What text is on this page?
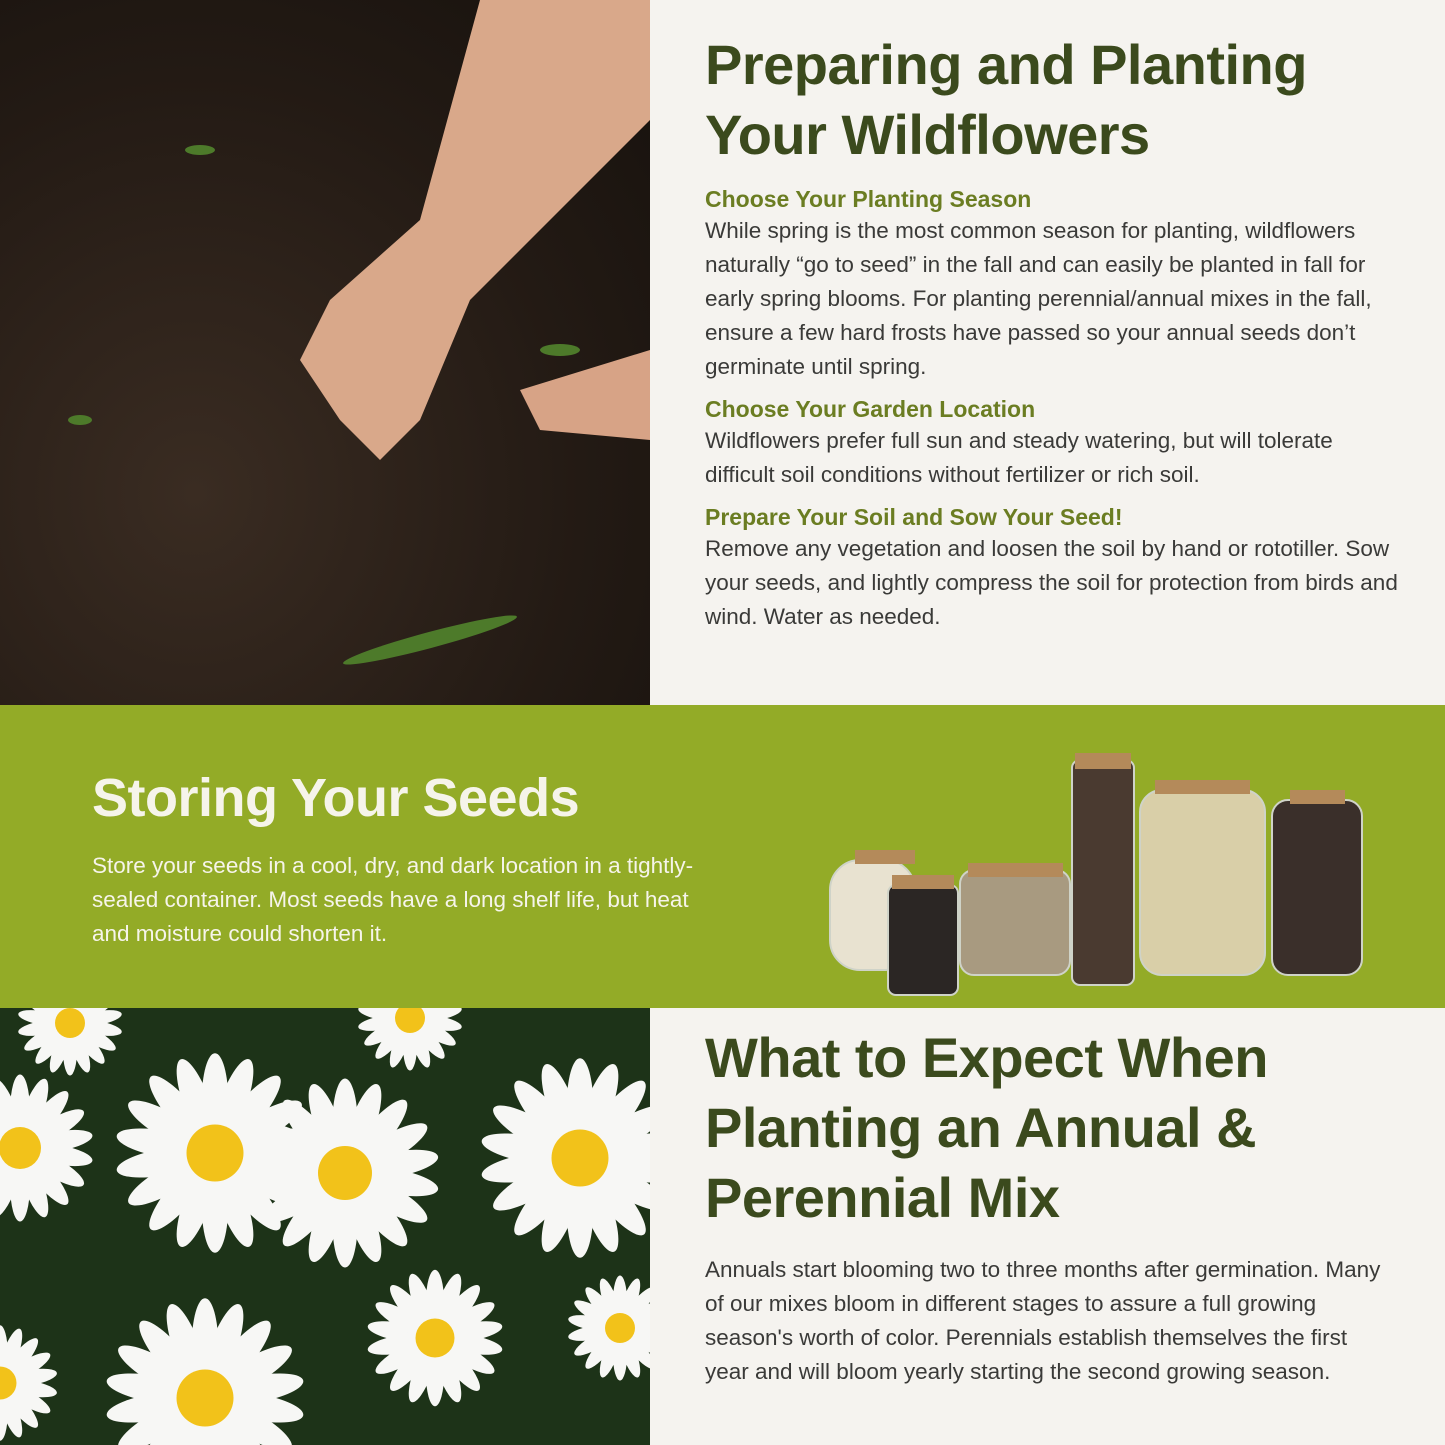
Preparing and Planting Your Wildflowers
Choose Your Planting Season

While spring is the most common season for planting, wildflowers naturally “go to seed” in the fall and can easily be planted in fall for early spring blooms. For planting perennial/annual mixes in the fall, ensure a few hard frosts have passed so your annual seeds don’t germinate until spring.

Choose Your Garden Location

Wildflowers prefer full sun and steady watering, but will tolerate difficult soil conditions without fertilizer or rich soil.

Prepare Your Soil and Sow Your Seed!

Remove any vegetation and loosen the soil by hand or rototiller. Sow your seeds, and lightly compress the soil for protection from birds and wind. Water as needed.

Storing Your Seeds

Store your seeds in a cool, dry, and dark location in a tightly-sealed container. Most seeds have a long shelf life, but heat and moisture could shorten it.

What to Expect When Planting an Annual & Perennial Mix

Annuals start blooming two to three months after germination. Many of our mixes bloom in different stages to assure a full growing season's worth of color. Perennials establish themselves the first year and will bloom yearly starting the second growing season.
